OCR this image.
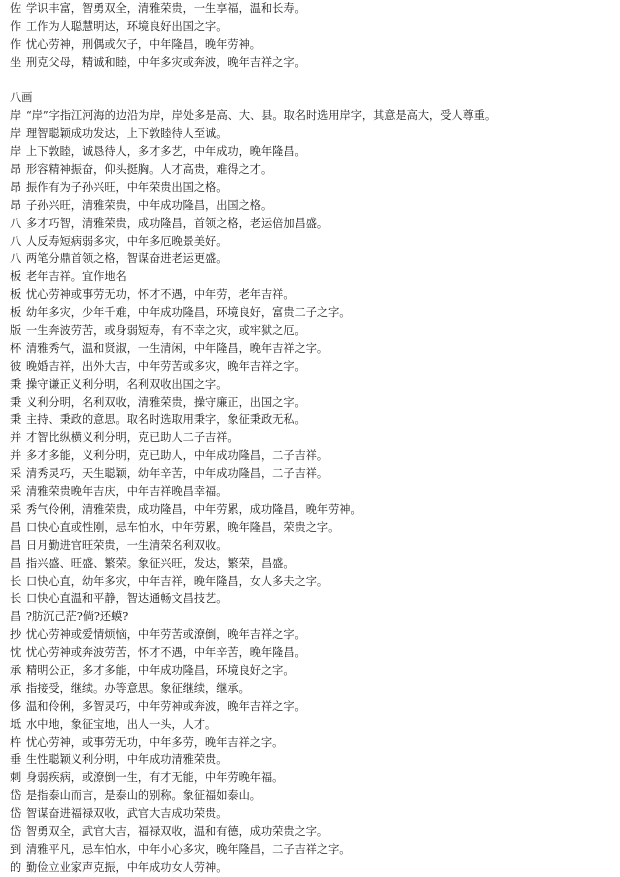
佐 学识丰富，智勇双全，清雅荣贵，一生享福，温和长寿。
作 工作为人聪慧明达，环境良好出国之字。
作 忧心劳神，刑偶或欠子，中年隆昌，晚年劳神。
坐 刑克父母，精诚和睦，中年多灾或奔波，晚年吉祥之字。
八画
岸 “岸”字指江河海的边沿为岸，岸处多是高、大、县。取名时选用岸字，其意是高大，受人尊重。
岸 理智聪颖成功发达，上下敦睦待人至诚。
岸 上下敦睦，诚恳待人，多才多艺，中年成功，晚年隆昌。
昂 形容精神振奋，仰头挺胸。人才高贵，难得之才。
昂 振作有为子孙兴旺，中年荣贵出国之格。
昂 子孙兴旺，清雅荣贵，中年成功隆昌，出国之格。
八 多才巧智，清雅荣贵，成功隆昌，首领之格，老运倍加昌盛。
八 人反寿短病弱多灾，中年多厄晚景美好。
八 两笔分鼎首领之格，智谋奋进老运更盛。
板 老年吉祥。宜作地名
板 忧心劳神或事劳无功，怀才不遇，中年劳，老年吉祥。
板 幼年多灾，少年千难，中年成功隆昌，环境良好，富贵二子之字。
版 一生奔波劳苦，或身弱短寿，有不幸之灾，或牢狱之厄。
杯 清雅秀气，温和贤淑，一生清闲，中年隆昌，晚年吉祥之字。
彼 晚婚吉祥，出外大吉，中年劳苦或多灾，晚年吉祥之字。
秉 操守谦正义利分明，名利双收出国之字。
秉 义利分明，名利双收，清雅荣贵，操守廉正，出国之字。
秉 主持、秉政的意思。取名时选取用秉字，象征秉政无私。
并 才智比纵横义利分明，克已助人二子吉祥。
并 多才多能，义利分明，克已助人，中年成功隆昌，二子吉祥。
采 清秀灵巧，天生聪颖，幼年辛苦，中年成功隆昌，二子吉祥。
采 清雅荣贵晚年吉庆，中年吉祥晚昌幸福。
采 秀气伶俐，清雅荣贵，成功隆昌，中年劳累，成功隆昌，晚年劳神。
昌 口快心直或性刚，忌车怕水，中年劳累，晚年隆昌，荣贵之字。
昌 日月勤进官旺荣贵，一生清荣名利双收。
昌 指兴盛、旺盛、繁荣。象征兴旺，发达，繁荣，昌盛。
长 口快心直，幼年多灾，中年吉祥，晚年隆昌，女人多夫之字。
长 口快心直温和平静，智达通畅文昌技艺。
昌 ?肪沉己茫?倘?还蟆?
抄 忧心劳神或爱情烦恼，中年劳苦或潦倒，晚年吉祥之字。
忱 忧心劳神或奔波劳苦，怀才不遇，中年辛苦，晚年隆昌。
承 精明公正，多才多能，中年成功隆昌，环境良好之字。
承 指接受，继续。办等意思。象征继续，继承。
侈 温和伶俐，多智灵巧，中年劳神或奔波，晚年吉祥之字。
坻 水中地，象征宝地，出人一头，人才。
杵 忧心劳神，或事劳无功，中年多劳，晚年吉祥之字。
垂 生性聪颖义利分明，中年成功清雅荣贵。
刺 身弱疾病，或潦倒一生，有才无能，中年劳晚年福。
岱 是指泰山而言，是泰山的别称。象征福如泰山。
岱 智谋奋进福禄双收，武官大吉成功荣贵。
岱 智勇双全，武官大吉，福禄双收，温和有德，成功荣贵之字。
到 清雅平凡，忌车怕水，中年小心多灾，晚年隆昌，二子吉祥之字。
的 勤俭立业家声克振，中年成功女人劳神。
